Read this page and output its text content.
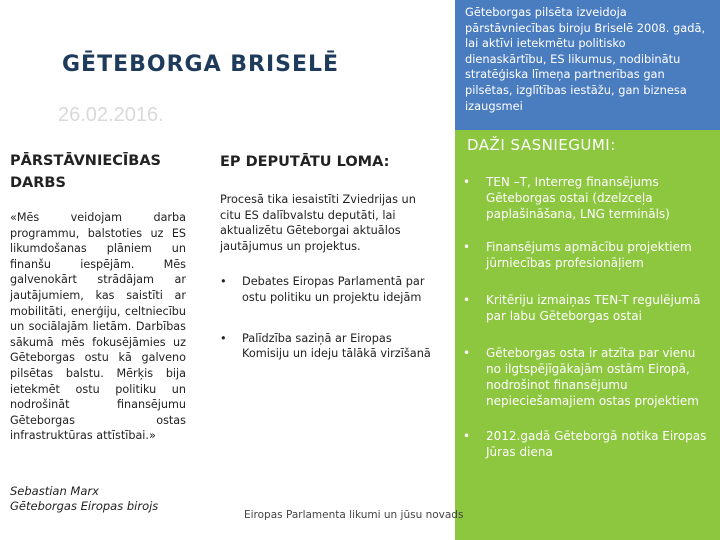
GĒTEBORGA BRISELĒ
26.02.2016.

Gēteborgas pilsēta izveidoja pārstāvniecības biroju Briselē 2008. gadā, lai aktīvi ietekmētu politisko dienaskārtību, ES likumus, nodibinātu stratēģiska līmeņa partnerības gan pilsētas, izglītības iestāžu, gan biznesa izaugsmei

DAŽI SASNIEGUMI:
• TEN –T, Interreg finansējums Gēteborgas ostai (dzelzceļa paplašināšana, LNG termināls)
• Finansējums apmācību projektiem jūrniecības profesionāļiem
• Kritēriju izmaiņas TEN-T regulējumā par labu Gēteborgas ostai
• Gēteborgas osta ir atzīta par vienu no ilgtspējīgākajām ostām Eiropā, nodrošinot finansējumu nepieciešamajiem ostas projektiem
• 2012.gadā Gēteborgā notika Eiropas Jūras diena
PĀRSTĀVNIECĪBAS DARBS

«Mēs veidojam darba programmu, balstoties uz ES likumdošanas plāniem un finanšu iespējām. Mēs galvenokārt strādājam ar jautājumiem, kas saistīti ar mobilitāti, enerģiju, celtniecību un sociālajām lietām. Darbības sākumā mēs fokusējāmies uz Gēteborgas ostu kā galveno pilsētas balstu. Mērķis bija ietekmēt ostu politiku un nodrošināt finansējumu Gēteborgas ostas infrastruktūras attīstībai.»

Sebastian Marx
Gēteborgas Eiropas birojs
EP DEPUTĀTU LOMA:

Procesā tika iesaistīti Zviedrijas un citu ES dalībvalstu deputāti, lai aktualizētu Gēteborgai aktuālos jautājumus un projektus.

• Debates Eiropas Parlamentā par ostu politiku un projektu idejām
• Palīdzība saziņā ar Eiropas Komisiju un ideju tālākā virzīšanā
Eiropas Parlamenta likumi un jūsu novads
